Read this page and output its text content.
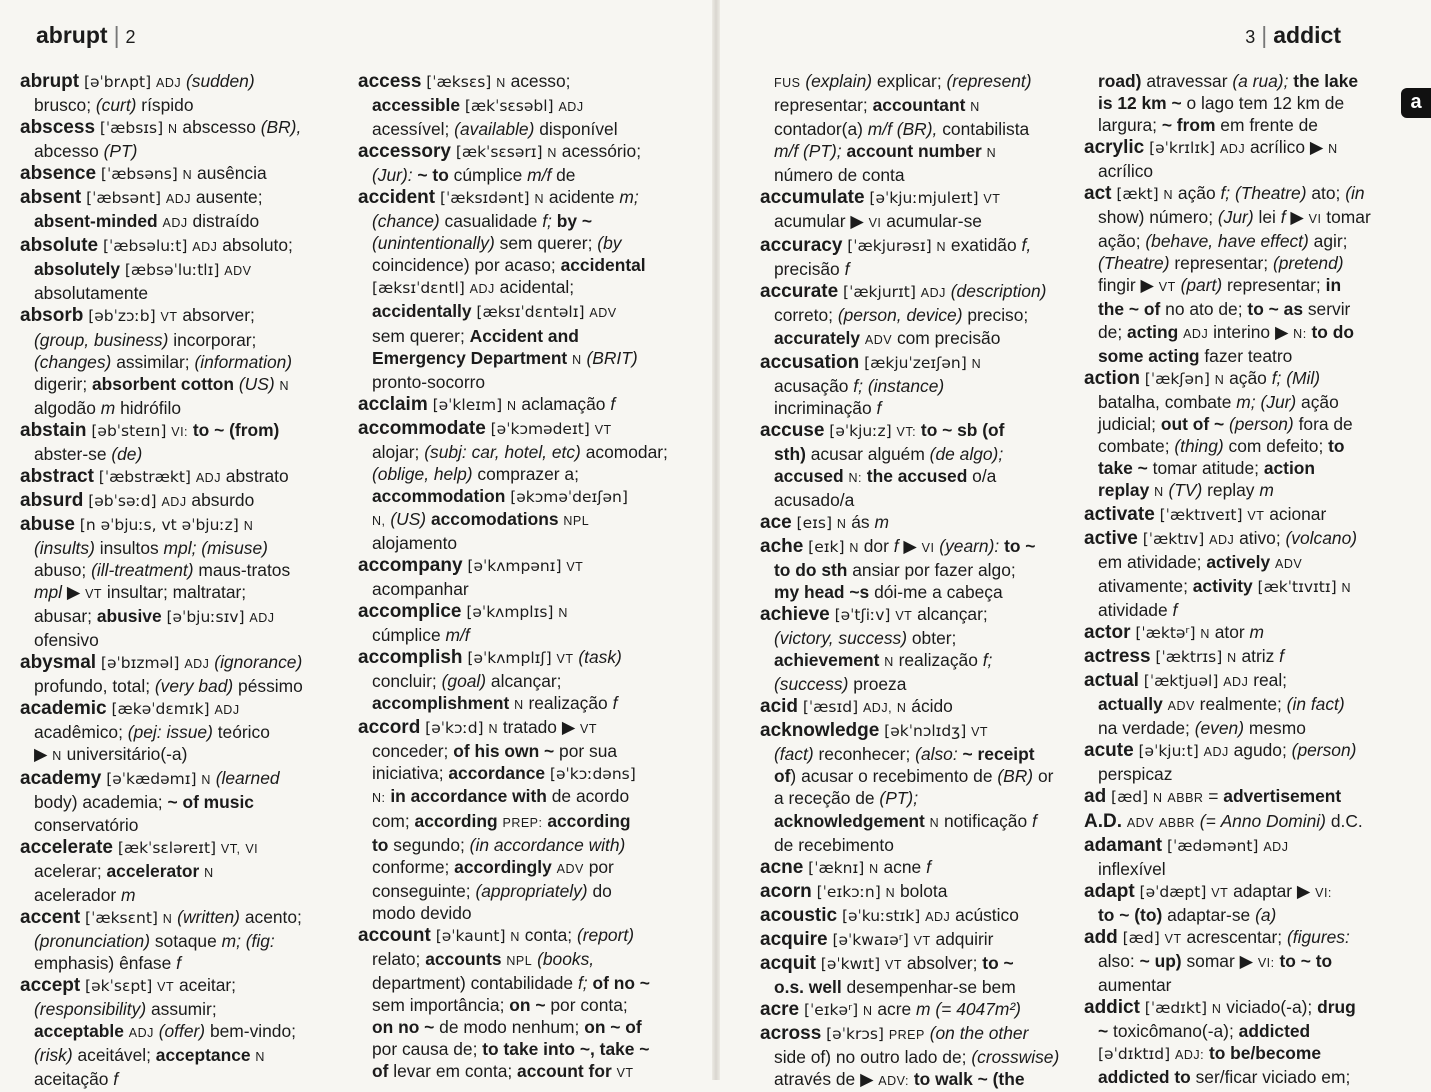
abrupt | 2
abrupt [əˈbrʌpt] ADJ (sudden)
brusco; (curt) ríspido
abscess [ˈæbsɪs] N abscesso (BR),
abcesso (PT)
absence [ˈæbsəns] N ausência
absent [ˈæbsənt] ADJ ausente;
absent-minded ADJ distraído
absolute [ˈæbsəluːt] ADJ absoluto;
absolutely [æbsəˈluːtlɪ] ADV
absolutamente
absorb [əbˈzɔːb] VT absorver;
(group, business) incorporar;
(changes) assimilar; (information)
digerir; absorbent cotton (US) N
algodão m hidrófilo
abstain [əbˈsteɪn] VI: to ~ (from)
abster-se (de)
abstract [ˈæbstrækt] ADJ abstrato
absurd [əbˈsəːd] ADJ absurdo
abuse [n əˈbjuːs, vt əˈbjuːz] N
(insults) insultos mpl; (misuse)
abuso; (ill-treatment) maus-tratos
mpl ▶ VT insultar; maltratar;
abusar; abusive [əˈbjuːsɪv] ADJ
ofensivo
abysmal [əˈbɪzməl] ADJ (ignorance)
profundo, total; (very bad) péssimo
academic [ækəˈdɛmɪk] ADJ
acadêmico; (pej: issue) teórico
▶ N universitário(-a)
academy [əˈkædəmɪ] N (learned
body) academia; ~ of music
conservatório
accelerate [ækˈsɛləreɪt] VT, VI
acelerar; accelerator N
acelerador m
accent [ˈæksɛnt] N (written) acento;
(pronunciation) sotaque m; (fig:
emphasis) ênfase f
accept [əkˈsɛpt] VT aceitar;
(responsibility) assumir;
acceptable ADJ (offer) bem-vindo;
(risk) aceitável; acceptance N
aceitação f
access [ˈæksɛs] N acesso;
accessible [ækˈsɛsəbl] ADJ
acessível; (available) disponível
accessory [ækˈsɛsərɪ] N acessório;
(Jur): ~ to cúmplice m/f de
accident [ˈæksɪdənt] N acidente m;
(chance) casualidade f; by ~
(unintentionally) sem querer; (by
coincidence) por acaso; accidental
[æksɪˈdɛntl] ADJ acidental;
accidentally [æksɪˈdɛntəlɪ] ADV
sem querer; Accident and
Emergency Department N (BRIT)
pronto-socorro
acclaim [əˈkleɪm] N aclamação f
accommodate [əˈkɔmədeɪt] VT
alojar; (subj: car, hotel, etc) acomodar;
(oblige, help) comprazer a;
accommodation [əkɔməˈdeɪʃən]
N, (US) accomodations NPL
alojamento
accompany [əˈkʌmpənɪ] VT
acompanhar
accomplice [əˈkʌmplɪs] N
cúmplice m/f
accomplish [əˈkʌmplɪʃ] VT (task)
concluir; (goal) alcançar;
accomplishment N realização f
accord [əˈkɔːd] N tratado ▶ VT
conceder; of his own ~ por sua
iniciativa; accordance [əˈkɔːdəns]
N: in accordance with de acordo
com; according PREP: according
to segundo; (in accordance with)
conforme; accordingly ADV por
conseguinte; (appropriately) do
modo devido
account [əˈkaunt] N conta; (report)
relato; accounts NPL (books,
department) contabilidade f; of no ~
sem importância; on ~ por conta;
on no ~ de modo nenhum; on ~ of
por causa de; to take into ~, take ~
of levar em conta; account for VT
3 | addict
FUS (explain) explicar; (represent)
representar; accountant N
contador(a) m/f (BR), contabilista
m/f (PT); account number N
número de conta
accumulate [əˈkjuːmjuleɪt] VT
acumular ▶ VI acumular-se
accuracy [ˈækjurəsɪ] N exatidão f,
precisão f
accurate [ˈækjurɪt] ADJ (description)
correto; (person, device) preciso;
accurately ADV com precisão
accusation [ækjuˈzeɪʃən] N
acusação f; (instance)
incriminação f
accuse [əˈkjuːz] VT: to ~ sb (of
sth) acusar alguém (de algo);
accused N: the accused o/a
acusado/a
ace [eɪs] N ás m
ache [eɪk] N dor f ▶ VI (yearn): to ~
to do sth ansiar por fazer algo;
my head ~s dói-me a cabeça
achieve [əˈtʃiːv] VT alcançar;
(victory, success) obter;
achievement N realização f;
(success) proeza
acid [ˈæsɪd] ADJ, N ácido
acknowledge [əkˈnɔlɪdʒ] VT
(fact) reconhecer; (also: ~ receipt
of) acusar o recebimento de (BR) or
a receção de (PT);
acknowledgement N notificação f
de recebimento
acne [ˈæknɪ] N acne f
acorn [ˈeɪkɔːn] N bolota
acoustic [əˈkuːstɪk] ADJ acústico
acquire [əˈkwaɪəʳ] VT adquirir
acquit [əˈkwɪt] VT absolver; to ~
o.s. well desempenhar-se bem
acre [ˈeɪkəʳ] N acre m (= 4047m²)
across [əˈkrɔs] PREP (on the other
side of) no outro lado de; (crosswise)
através de ▶ ADV: to walk ~ (the
road) atravessar (a rua); the lake
is 12 km ~ o lago tem 12 km de
largura; ~ from em frente de
acrylic [əˈkrɪlɪk] ADJ acrílico ▶ N
acrílico
act [ækt] N ação f; (Theatre) ato; (in
show) número; (Jur) lei f ▶ VI tomar
ação; (behave, have effect) agir;
(Theatre) representar; (pretend)
fingir ▶ VT (part) representar; in
the ~ of no ato de; to ~ as servir
de; acting ADJ interino ▶ N: to do
some acting fazer teatro
action [ˈækʃən] N ação f; (Mil)
batalha, combate m; (Jur) ação
judicial; out of ~ (person) fora de
combate; (thing) com defeito; to
take ~ tomar atitude; action
replay N (TV) replay m
activate [ˈæktɪveɪt] VT acionar
active [ˈæktɪv] ADJ ativo; (volcano)
em atividade; actively ADV
ativamente; activity [ækˈtɪvɪtɪ] N
atividade f
actor [ˈæktəʳ] N ator m
actress [ˈæktrɪs] N atriz f
actual [ˈæktjuəl] ADJ real;
actually ADV realmente; (in fact)
na verdade; (even) mesmo
acute [əˈkjuːt] ADJ agudo; (person)
perspicaz
ad [æd] N ABBR = advertisement
A.D. ADV ABBR (= Anno Domini) d.C.
adamant [ˈædəmənt] ADJ
inflexível
adapt [əˈdæpt] VT adaptar ▶ VI:
to ~ (to) adaptar-se (a)
add [æd] VT acrescentar; (figures:
also: ~ up) somar ▶ VI: to ~ to
aumentar
addict [ˈædɪkt] N viciado(-a); drug
~ toxicômano(-a); addicted
[əˈdɪktɪd] ADJ: to be/become
addicted to ser/ficar viciado em;
a
